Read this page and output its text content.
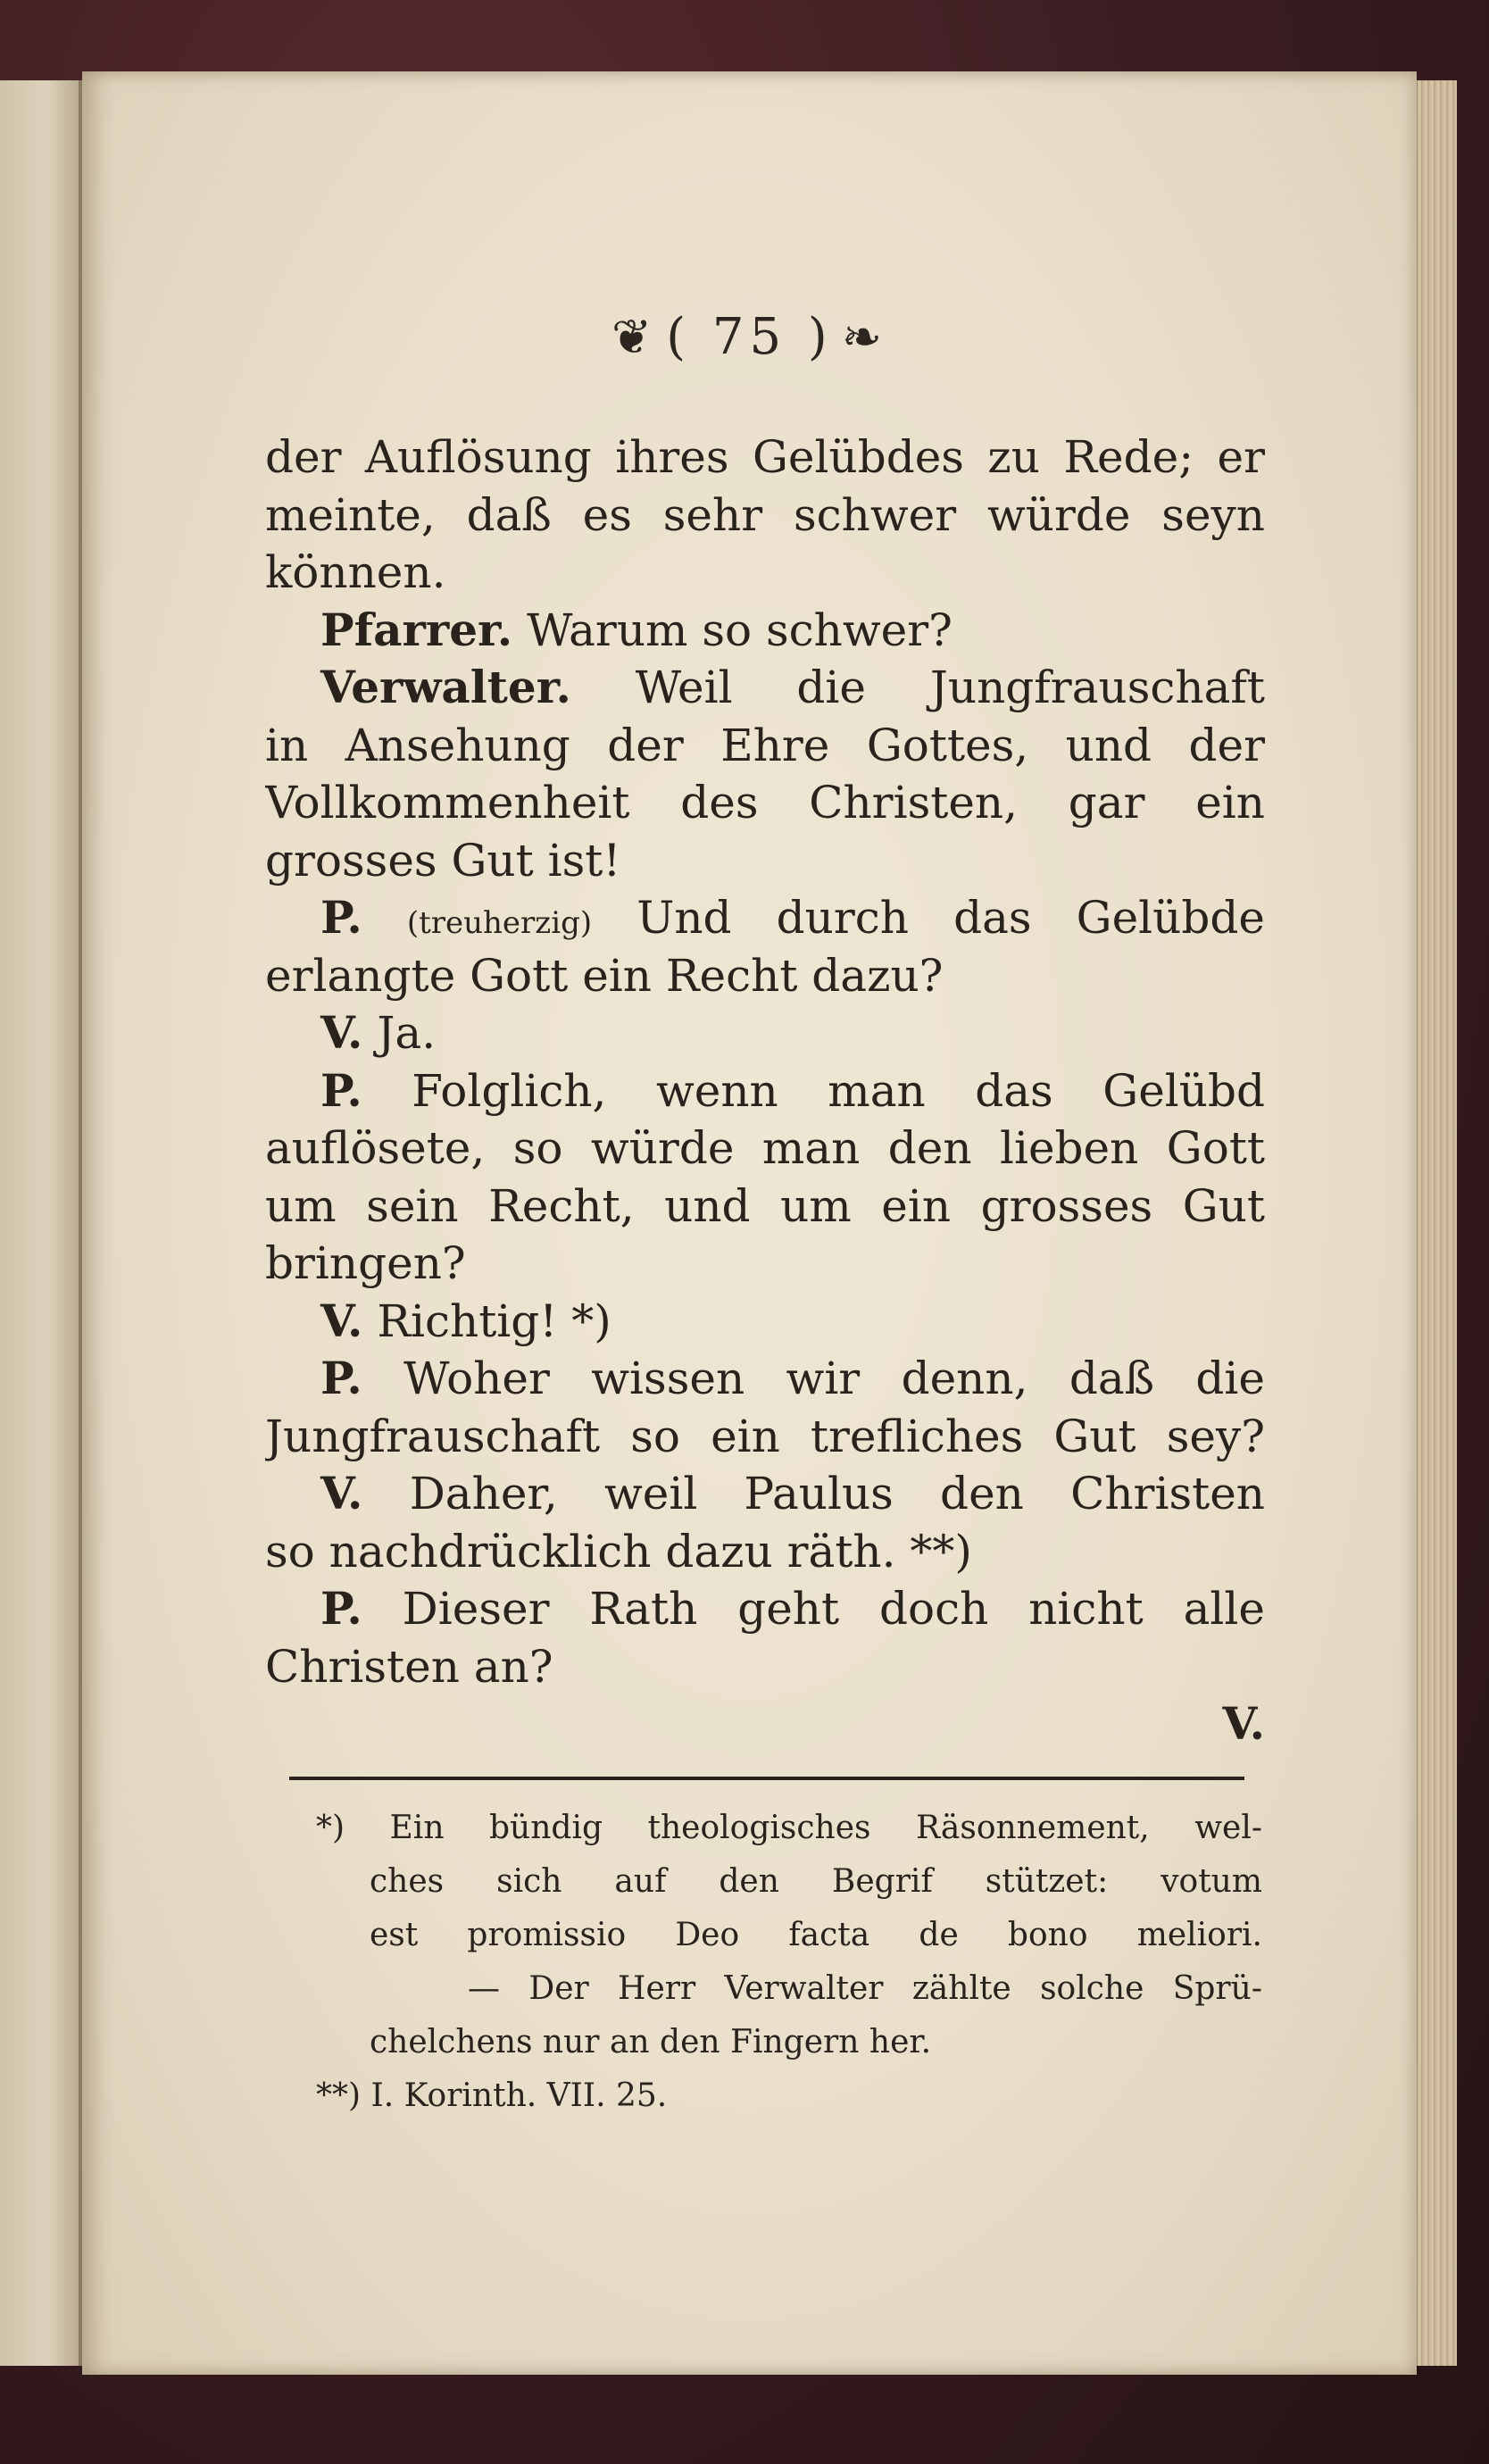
❦ ( 75 ) ❧
der Auflösung ihres Gelübdes zu Rede; er
meinte, daß es sehr schwer würde seyn
können.
Pfarrer. Warum so schwer?
Verwalter. Weil die Jungfrauschaft
in Ansehung der Ehre Gottes, und der
Vollkommenheit des Christen, gar ein
grosses Gut ist!
P. (treuherzig) Und durch das Gelübde
erlangte Gott ein Recht dazu?
V. Ja.
P. Folglich, wenn man das Gelübd
auflösete, so würde man den lieben Gott
um sein Recht, und um ein grosses Gut
bringen?
V. Richtig! *)
P. Woher wissen wir denn, daß die
Jungfrauschaft so ein trefliches Gut sey?
V. Daher, weil Paulus den Christen
so nachdrücklich dazu räth. **)
P. Dieser Rath geht doch nicht alle
Christen an?
V.
*) Ein bündig theologisches Räsonnement, wel-
ches sich auf den Begrif stützet: votum
est promissio Deo facta de bono meliori.
— Der Herr Verwalter zählte solche Sprü-
chelchens nur an den Fingern her.
**) I. Korinth. VII. 25.
